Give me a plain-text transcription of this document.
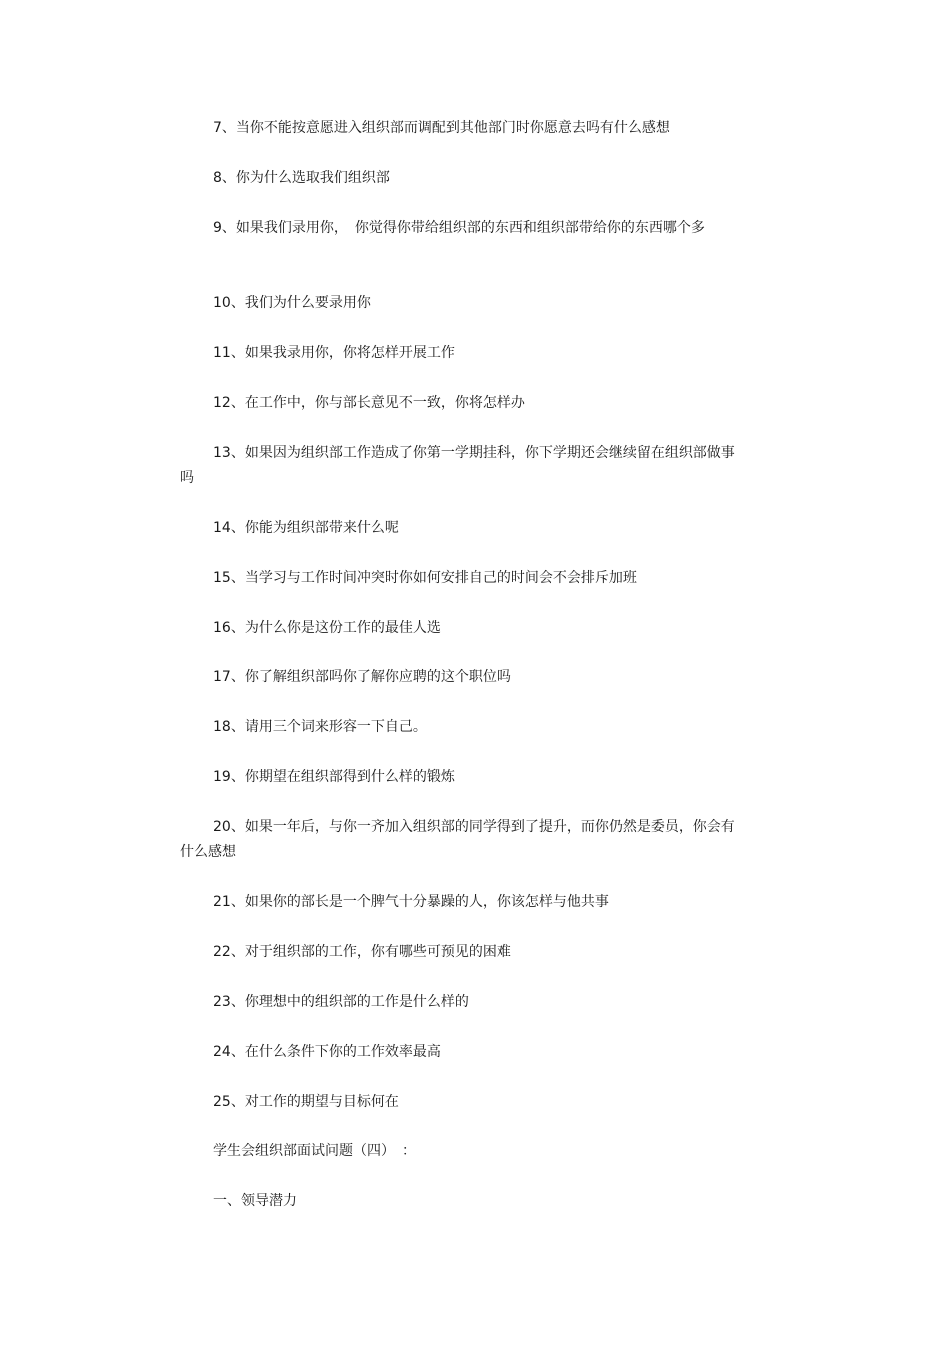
7、当你不能按意愿进入组织部而调配到其他部门时你愿意去吗有什么感想

8、你为什么选取我们组织部

9、如果我们录用你，　你觉得你带给组织部的东西和组织部带给你的东西哪个多

10、我们为什么要录用你

11、如果我录用你，你将怎样开展工作

12、在工作中，你与部长意见不一致，你将怎样办

13、如果因为组织部工作造成了你第一学期挂科，你下学期还会继续留在组织部做事吗

14、你能为组织部带来什么呢

15、当学习与工作时间冲突时你如何安排自己的时间会不会排斥加班

16、为什么你是这份工作的最佳人选

17、你了解组织部吗你了解你应聘的这个职位吗

18、请用三个词来形容一下自己。

19、你期望在组织部得到什么样的锻炼

20、如果一年后，与你一齐加入组织部的同学得到了提升，而你仍然是委员，你会有什么感想

21、如果你的部长是一个脾气十分暴躁的人，你该怎样与他共事

22、对于组织部的工作，你有哪些可预见的困难

23、你理想中的组织部的工作是什么样的

24、在什么条件下你的工作效率最高

25、对工作的期望与目标何在

学生会组织部面试问题（四）　：

一、领导潜力
